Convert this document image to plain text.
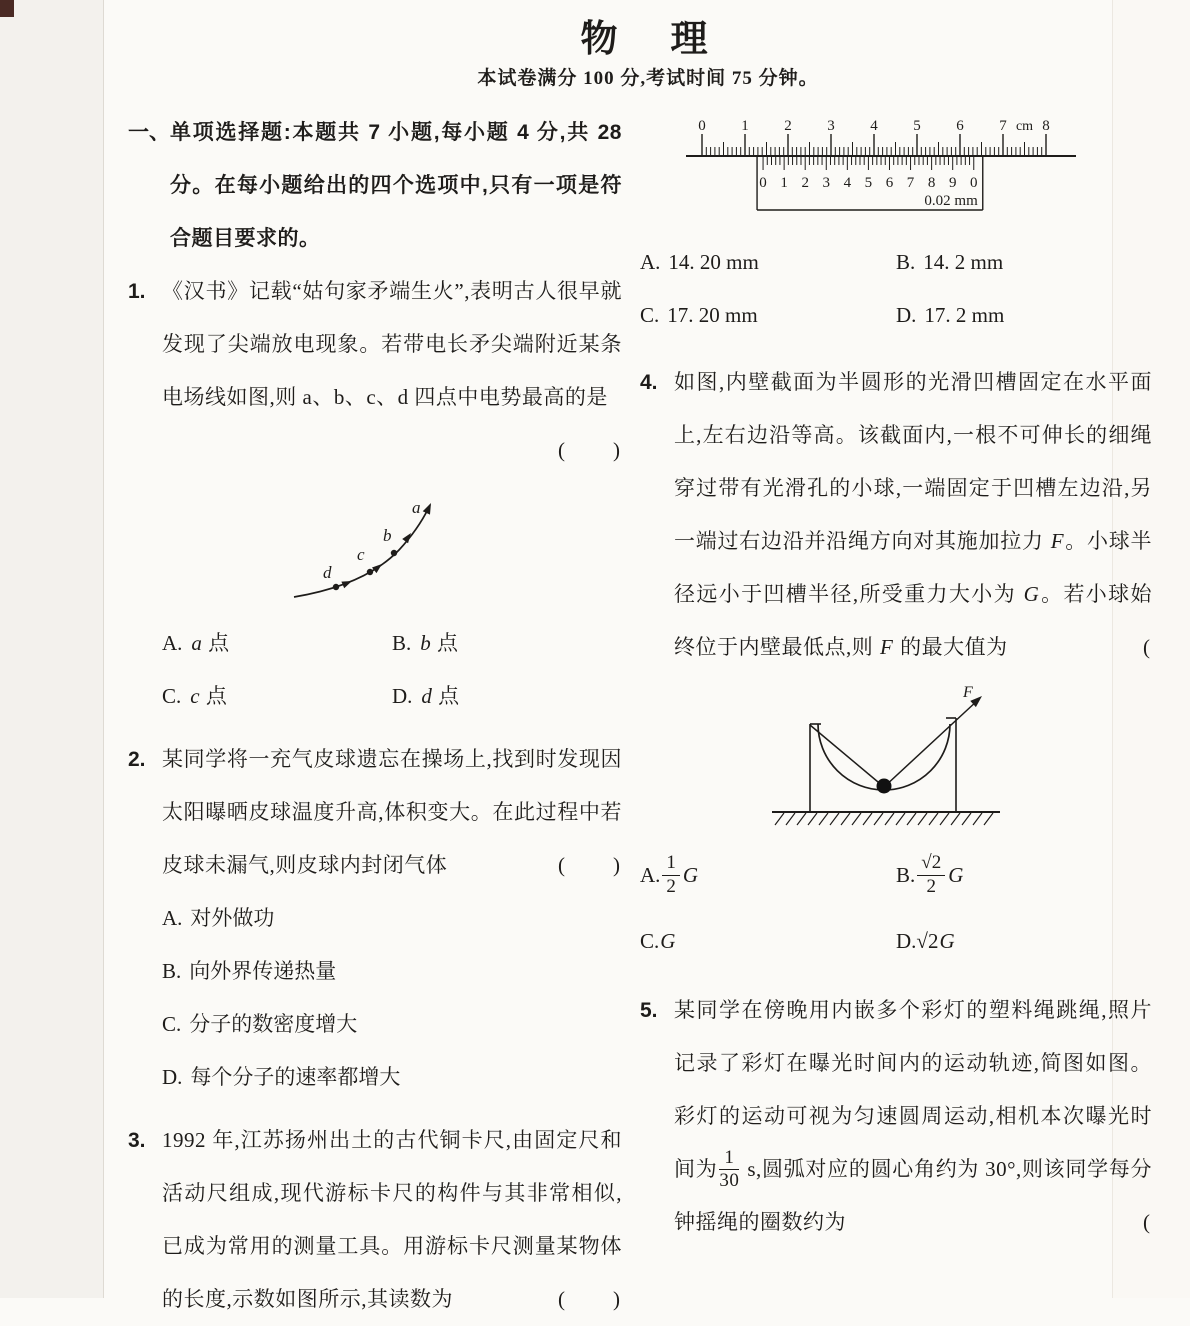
物　理
本试卷满分 100 分,考试时间 75 分钟。
一、 单项选择题:本题共 7 小题,每小题 4 分,共 28 分。在每小题给出的四个选项中,只有一项是符合题目要求的。
1. 《汉书》记载“姑句家矛端生火”,表明古人很早就发现了尖端放电现象。若带电长矛尖端附近某条电场线如图,则 a、b、c、d 四点中电势最高的是
(　　)
a
b
c
d
A. a 点	B. b 点
C. c 点	D. d 点
2. 某同学将一充气皮球遗忘在操场上,找到时发现因太阳曝晒皮球温度升高,体积变大。在此过程中若皮球未漏气,则皮球内封闭气体	(　　)
A. 对外做功
B. 向外界传递热量
C. 分子的数密度增大
D. 每个分子的速率都增大
3. 1992 年,江苏扬州出土的古代铜卡尺,由固定尺和活动尺组成,现代游标卡尺的构件与其非常相似,已成为常用的测量工具。用游标卡尺测量某物体的长度,示数如图所示,其读数为	(　　)
0 1 2 3 4 5 6 7 8
cm
0 1 2 3 4 5 6 7 8 9 0
0.02 mm
A. 14. 20 mm	B. 14. 2 mm
C. 17. 20 mm	D. 17. 2 mm
4. 如图,内壁截面为半圆形的光滑凹槽固定在水平面上,左右边沿等高。该截面内,一根不可伸长的细绳穿过带有光滑孔的小球,一端固定于凹槽左边沿,另一端过右边沿并沿绳方向对其施加拉力 F。小球半径远小于凹槽半径,所受重力大小为 G。若小球始终位于内壁最低点,则 F 的最大值为	(
F
A. $\frac{1}{2}$ G	B. $\frac{√2}{2}$ G
C. G	D. √2 G
5. 某同学在傍晚用内嵌多个彩灯的塑料绳跳绳,照片记录了彩灯在曝光时间内的运动轨迹,简图如图。彩灯的运动可视为匀速圆周运动,相机本次曝光时间为 $\frac{1}{30} s$,圆弧对应的圆心角约为 30°,则该同学每分钟摇绳的圈数约为	(
